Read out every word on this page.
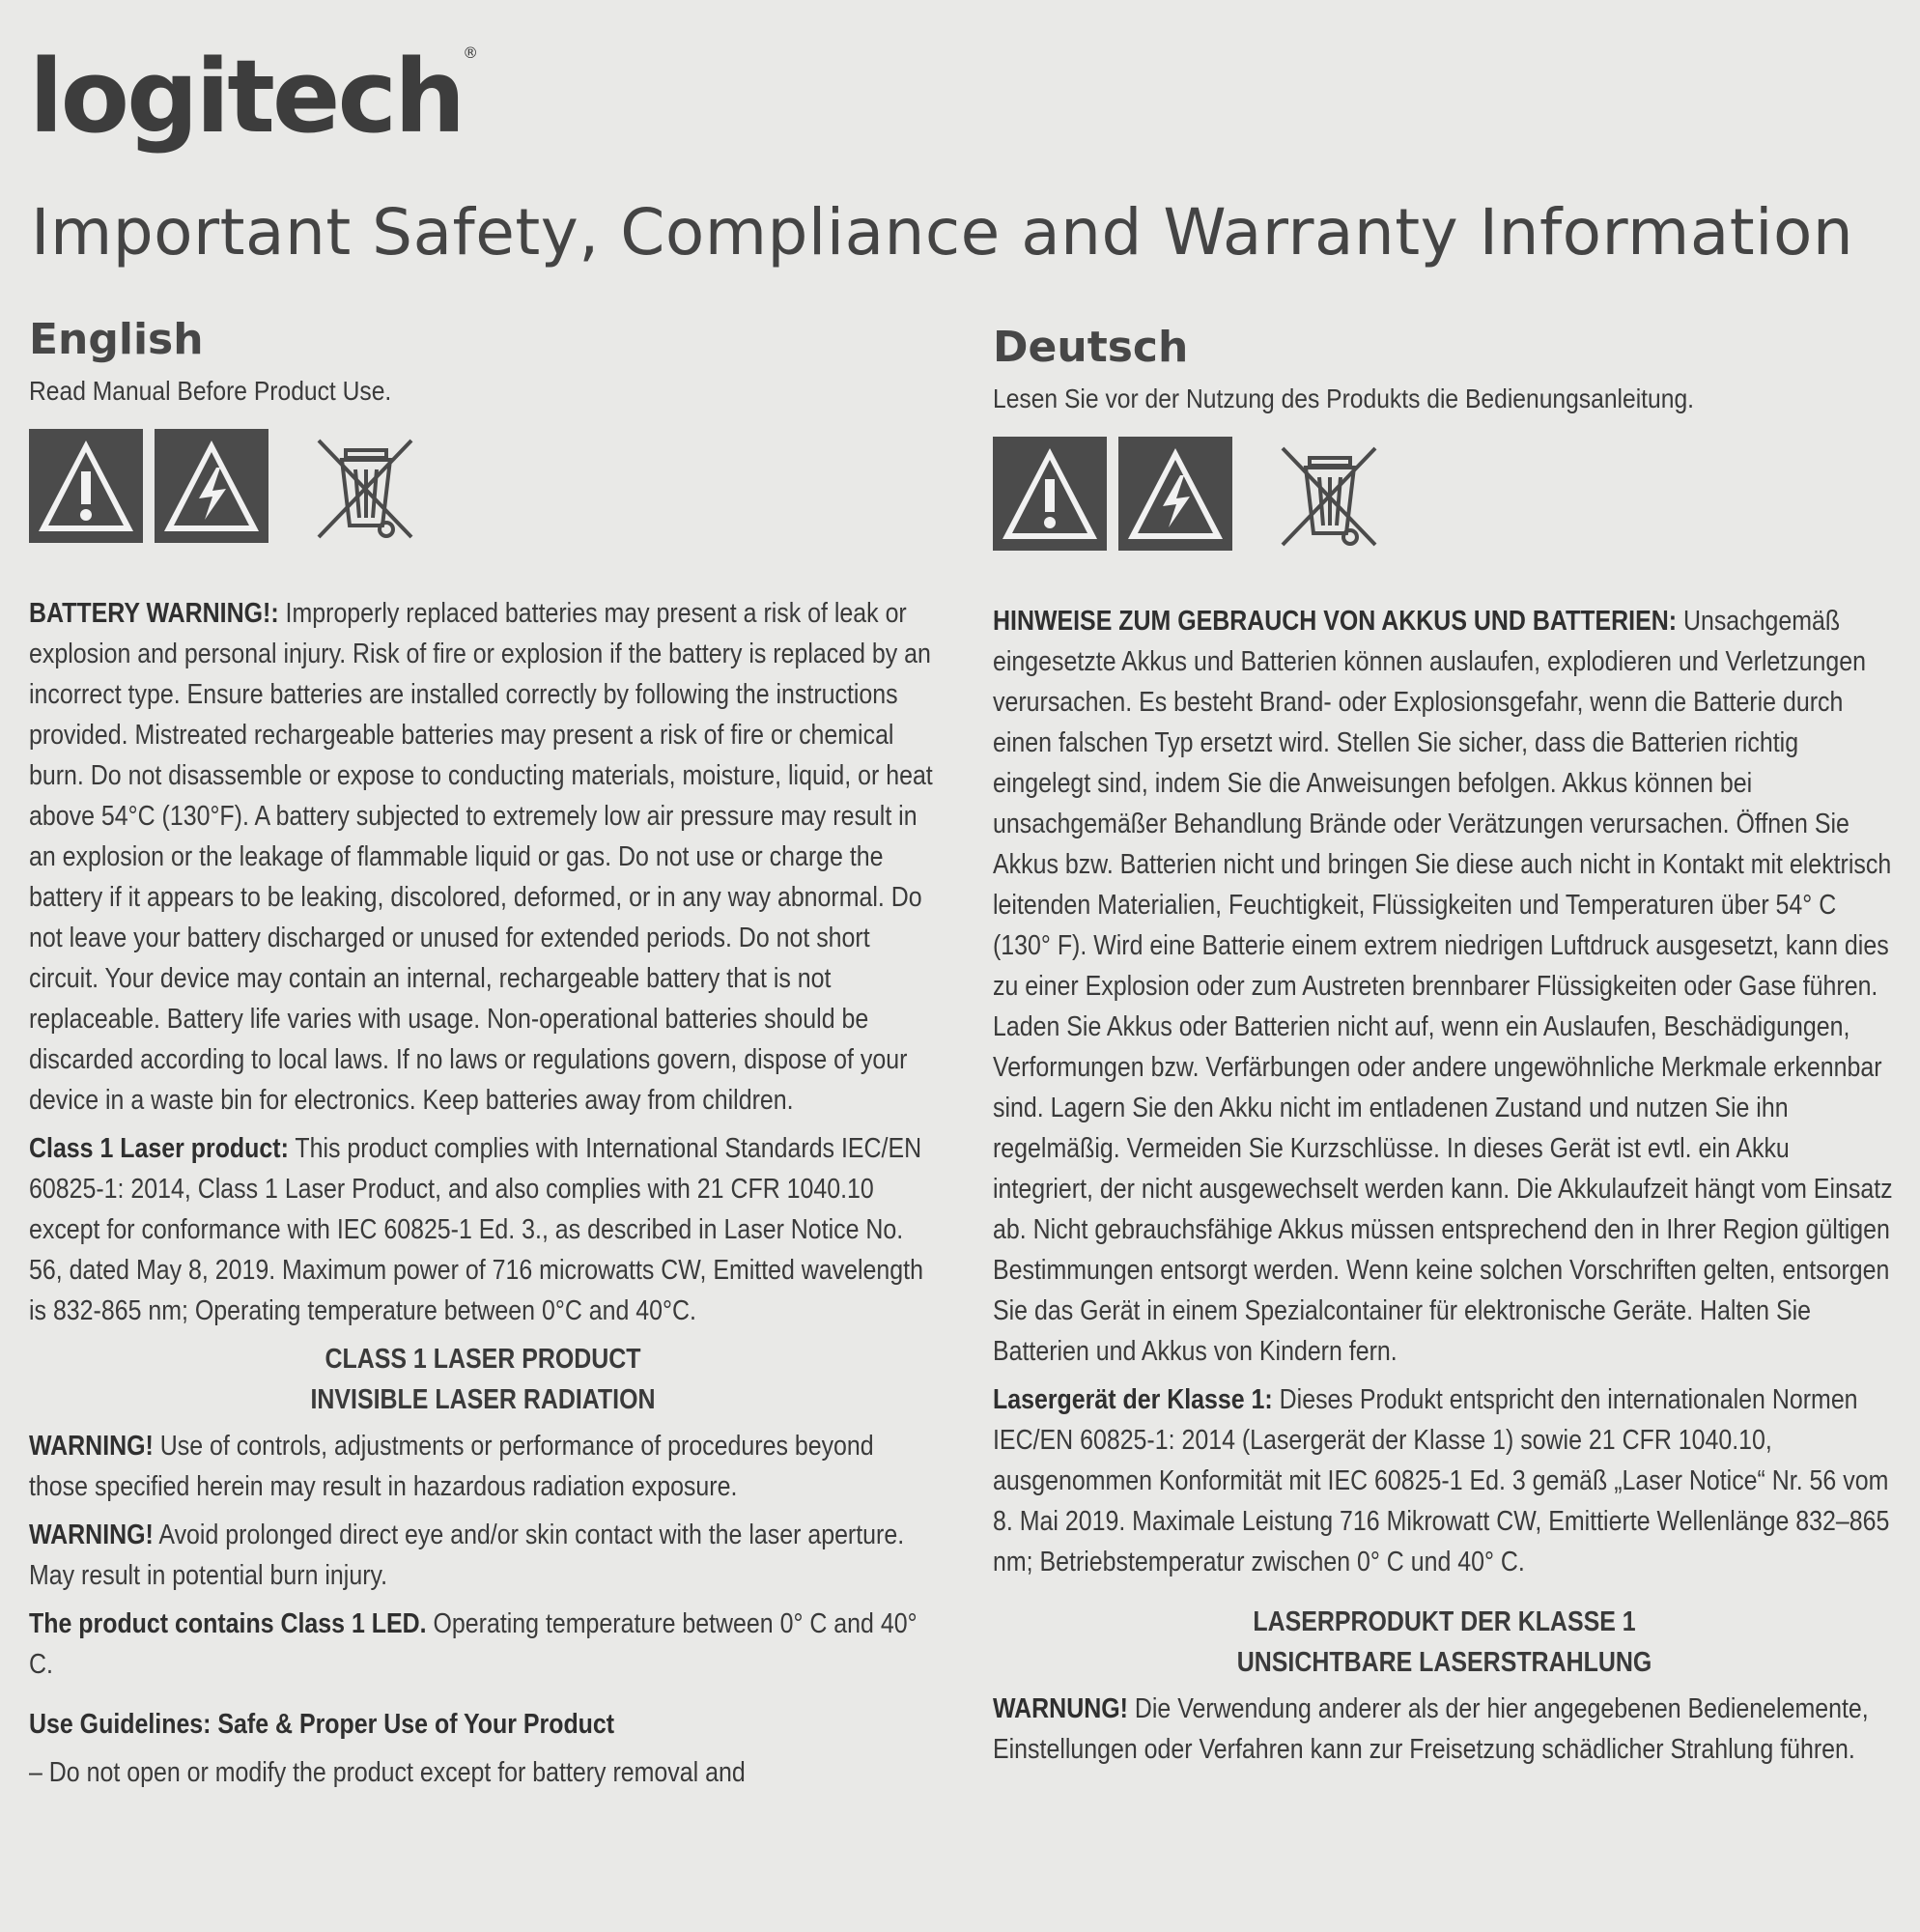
logitech®
Important Safety, Compliance and Warranty Information
English

Read Manual Before Product Use.

BATTERY WARNING!: Improperly replaced batteries may present a risk of leak or explosion and personal injury. Risk of fire or explosion if the battery is replaced by an incorrect type. Ensure batteries are installed correctly by following the instructions provided. Mistreated rechargeable batteries may present a risk of fire or chemical burn. Do not disassemble or expose to conducting materials, moisture, liquid, or heat above 54°C (130°F). A battery subjected to extremely low air pressure may result in an explosion or the leakage of flammable liquid or gas. Do not use or charge the battery if it appears to be leaking, discolored, deformed, or in any way abnormal. Do not leave your battery discharged or unused for extended periods. Do not short circuit. Your device may contain an internal, rechargeable battery that is not replaceable. Battery life varies with usage. Non-operational batteries should be discarded according to local laws. If no laws or regulations govern, dispose of your device in a waste bin for electronics. Keep batteries away from children.

Class 1 Laser product: This product complies with International Standards IEC/EN 60825-1: 2014, Class 1 Laser Product, and also complies with 21 CFR 1040.10 except for conformance with IEC 60825-1 Ed. 3., as described in Laser Notice No. 56, dated May 8, 2019. Maximum power of 716 microwatts CW, Emitted wavelength is 832-865 nm; Operating temperature between 0°C and 40°C.

CLASS 1 LASER PRODUCT

INVISIBLE LASER RADIATION

WARNING! Use of controls, adjustments or performance of procedures beyond those specified herein may result in hazardous radiation exposure.

WARNING! Avoid prolonged direct eye and/or skin contact with the laser aperture. May result in potential burn injury.

The product contains Class 1 LED. Operating temperature between 0° C and 40° C.

Use Guidelines: Safe & Proper Use of Your Product

– Do not open or modify the product except for battery removal and

Deutsch

Lesen Sie vor der Nutzung des Produkts die Bedienungsanleitung.

HINWEISE ZUM GEBRAUCH VON AKKUS UND BATTERIEN: Unsachgemäß eingesetzte Akkus und Batterien können auslaufen, explodieren und Verletzungen verursachen. Es besteht Brand- oder Explosionsgefahr, wenn die Batterie durch einen falschen Typ ersetzt wird. Stellen Sie sicher, dass die Batterien richtig eingelegt sind, indem Sie die Anweisungen befolgen. Akkus können bei unsachgemäßer Behandlung Brände oder Verätzungen verursachen. Öffnen Sie Akkus bzw. Batterien nicht und bringen Sie diese auch nicht in Kontakt mit elektrisch leitenden Materialien, Feuchtigkeit, Flüssigkeiten und Temperaturen über 54° C (130° F). Wird eine Batterie einem extrem niedrigen Luftdruck ausgesetzt, kann dies zu einer Explosion oder zum Austreten brennbarer Flüssigkeiten oder Gase führen. Laden Sie Akkus oder Batterien nicht auf, wenn ein Auslaufen, Beschädigungen, Verformungen bzw. Verfärbungen oder andere ungewöhnliche Merkmale erkennbar sind. Lagern Sie den Akku nicht im entladenen Zustand und nutzen Sie ihn regelmäßig. Vermeiden Sie Kurzschlüsse. In dieses Gerät ist evtl. ein Akku integriert, der nicht ausgewechselt werden kann. Die Akkulaufzeit hängt vom Einsatz ab. Nicht gebrauchsfähige Akkus müssen entsprechend den in Ihrer Region gültigen Bestimmungen entsorgt werden. Wenn keine solchen Vorschriften gelten, entsorgen Sie das Gerät in einem Spezialcontainer für elektronische Geräte. Halten Sie Batterien und Akkus von Kindern fern.

Lasergerät der Klasse 1: Dieses Produkt entspricht den internationalen Normen IEC/EN 60825-1: 2014 (Lasergerät der Klasse 1) sowie 21 CFR 1040.10, ausgenommen Konformität mit IEC 60825-1 Ed. 3 gemäß „Laser Notice“ Nr. 56 vom 8. Mai 2019. Maximale Leistung 716 Mikrowatt CW, Emittierte Wellenlänge 832–865 nm; Betriebstemperatur zwischen 0° C und 40° C.

LASERPRODUKT DER KLASSE 1

UNSICHTBARE LASERSTRAHLUNG

WARNUNG! Die Verwendung anderer als der hier angegebenen Bedienelemente, Einstellungen oder Verfahren kann zur Freisetzung schädlicher Strahlung führen.
